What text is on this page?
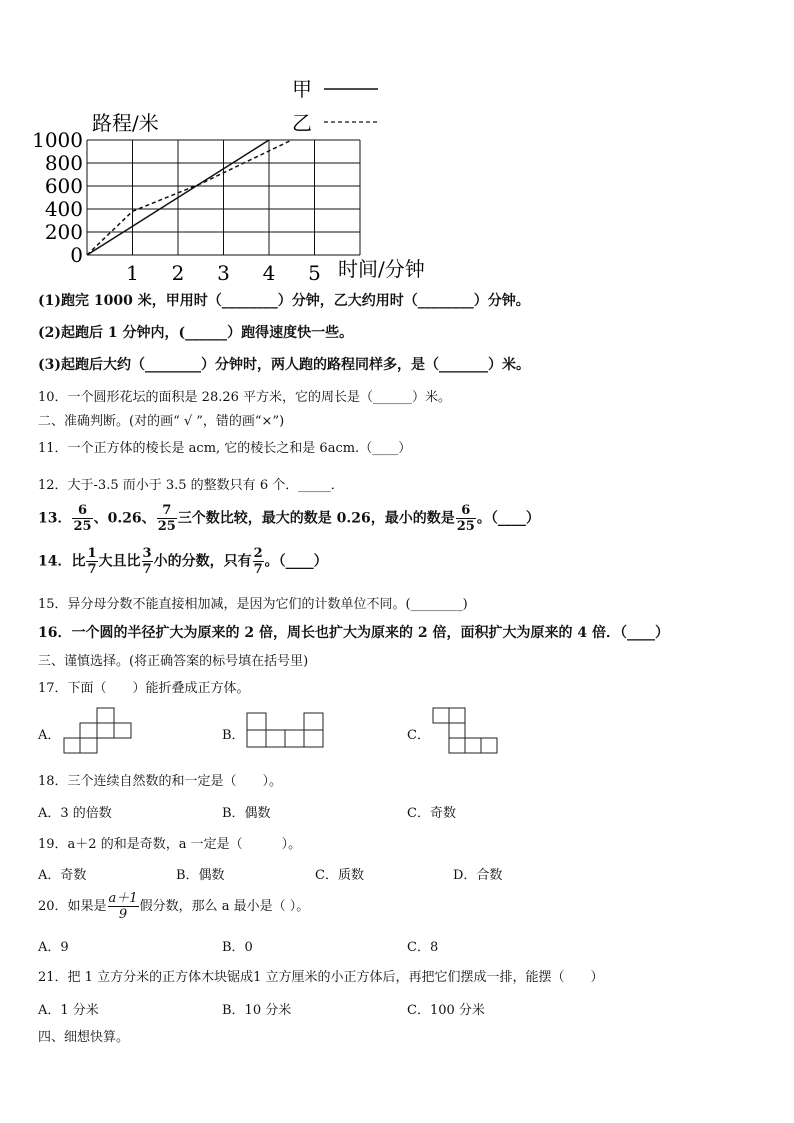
0
200
400
600
800
1000
1 2 3 4 5
路程/米
时间/分钟
甲
乙
(1)跑完 1000 米，甲用时（________）分钟，乙大约用时（________）分钟。
(2)起跑后 1 分钟内，(______）跑得速度快一些。
(3)起跑后大约（________）分钟时，两人跑的路程同样多，是（_______）米。
10．一个圆形花坛的面积是 28.26 平方米，它的周长是（______）米。
二、准确判断。(对的画“ √ ”，错的画“×”)
11．一个正方体的棱长是 acm, 它的棱长之和是 6acm.（____）
12．大于-3.5 而小于 3.5 的整数只有 6 个．_____．
13． $\frac{6}{25}$ 、0.26、 $\frac{7}{25}$ 三个数比较，最大的数是 0.26，最小的数是 $\frac{6}{25}$ 。（____）
14．比 $\frac{1}{7}$ 大且比 $\frac{3}{7}$ 小的分数，只有 $\frac{2}{7}$ 。（____）
15．异分母分数不能直接相加减，是因为它们的计数单位不同。(________)
16．一个圆的半径扩大为原来的 2 倍，周长也扩大为原来的 2 倍，面积扩大为原来的 4 倍．（____）
三、谨慎选择。(将正确答案的标号填在括号里)
17．下面（　　）能折叠成正方体。
A．	B．	C．
18．三个连续自然数的和一定是（　　）。
A．3 的倍数	B．偶数	C．奇数
19．a＋2 的和是奇数，a 一定是（　　　）。
A．奇数	B．偶数	C．质数	D．合数
20．如果是 $\frac{a+1}{9}$ 假分数，那么 a 最小是（ ）。
A．9	B．0	C．8
21．把 1 立方分米的正方体木块锯成1 立方厘米的小正方体后，再把它们摆成一排，能摆（　　）
A．1 分米	B．10 分米	C．100 分米
四、细想快算。
